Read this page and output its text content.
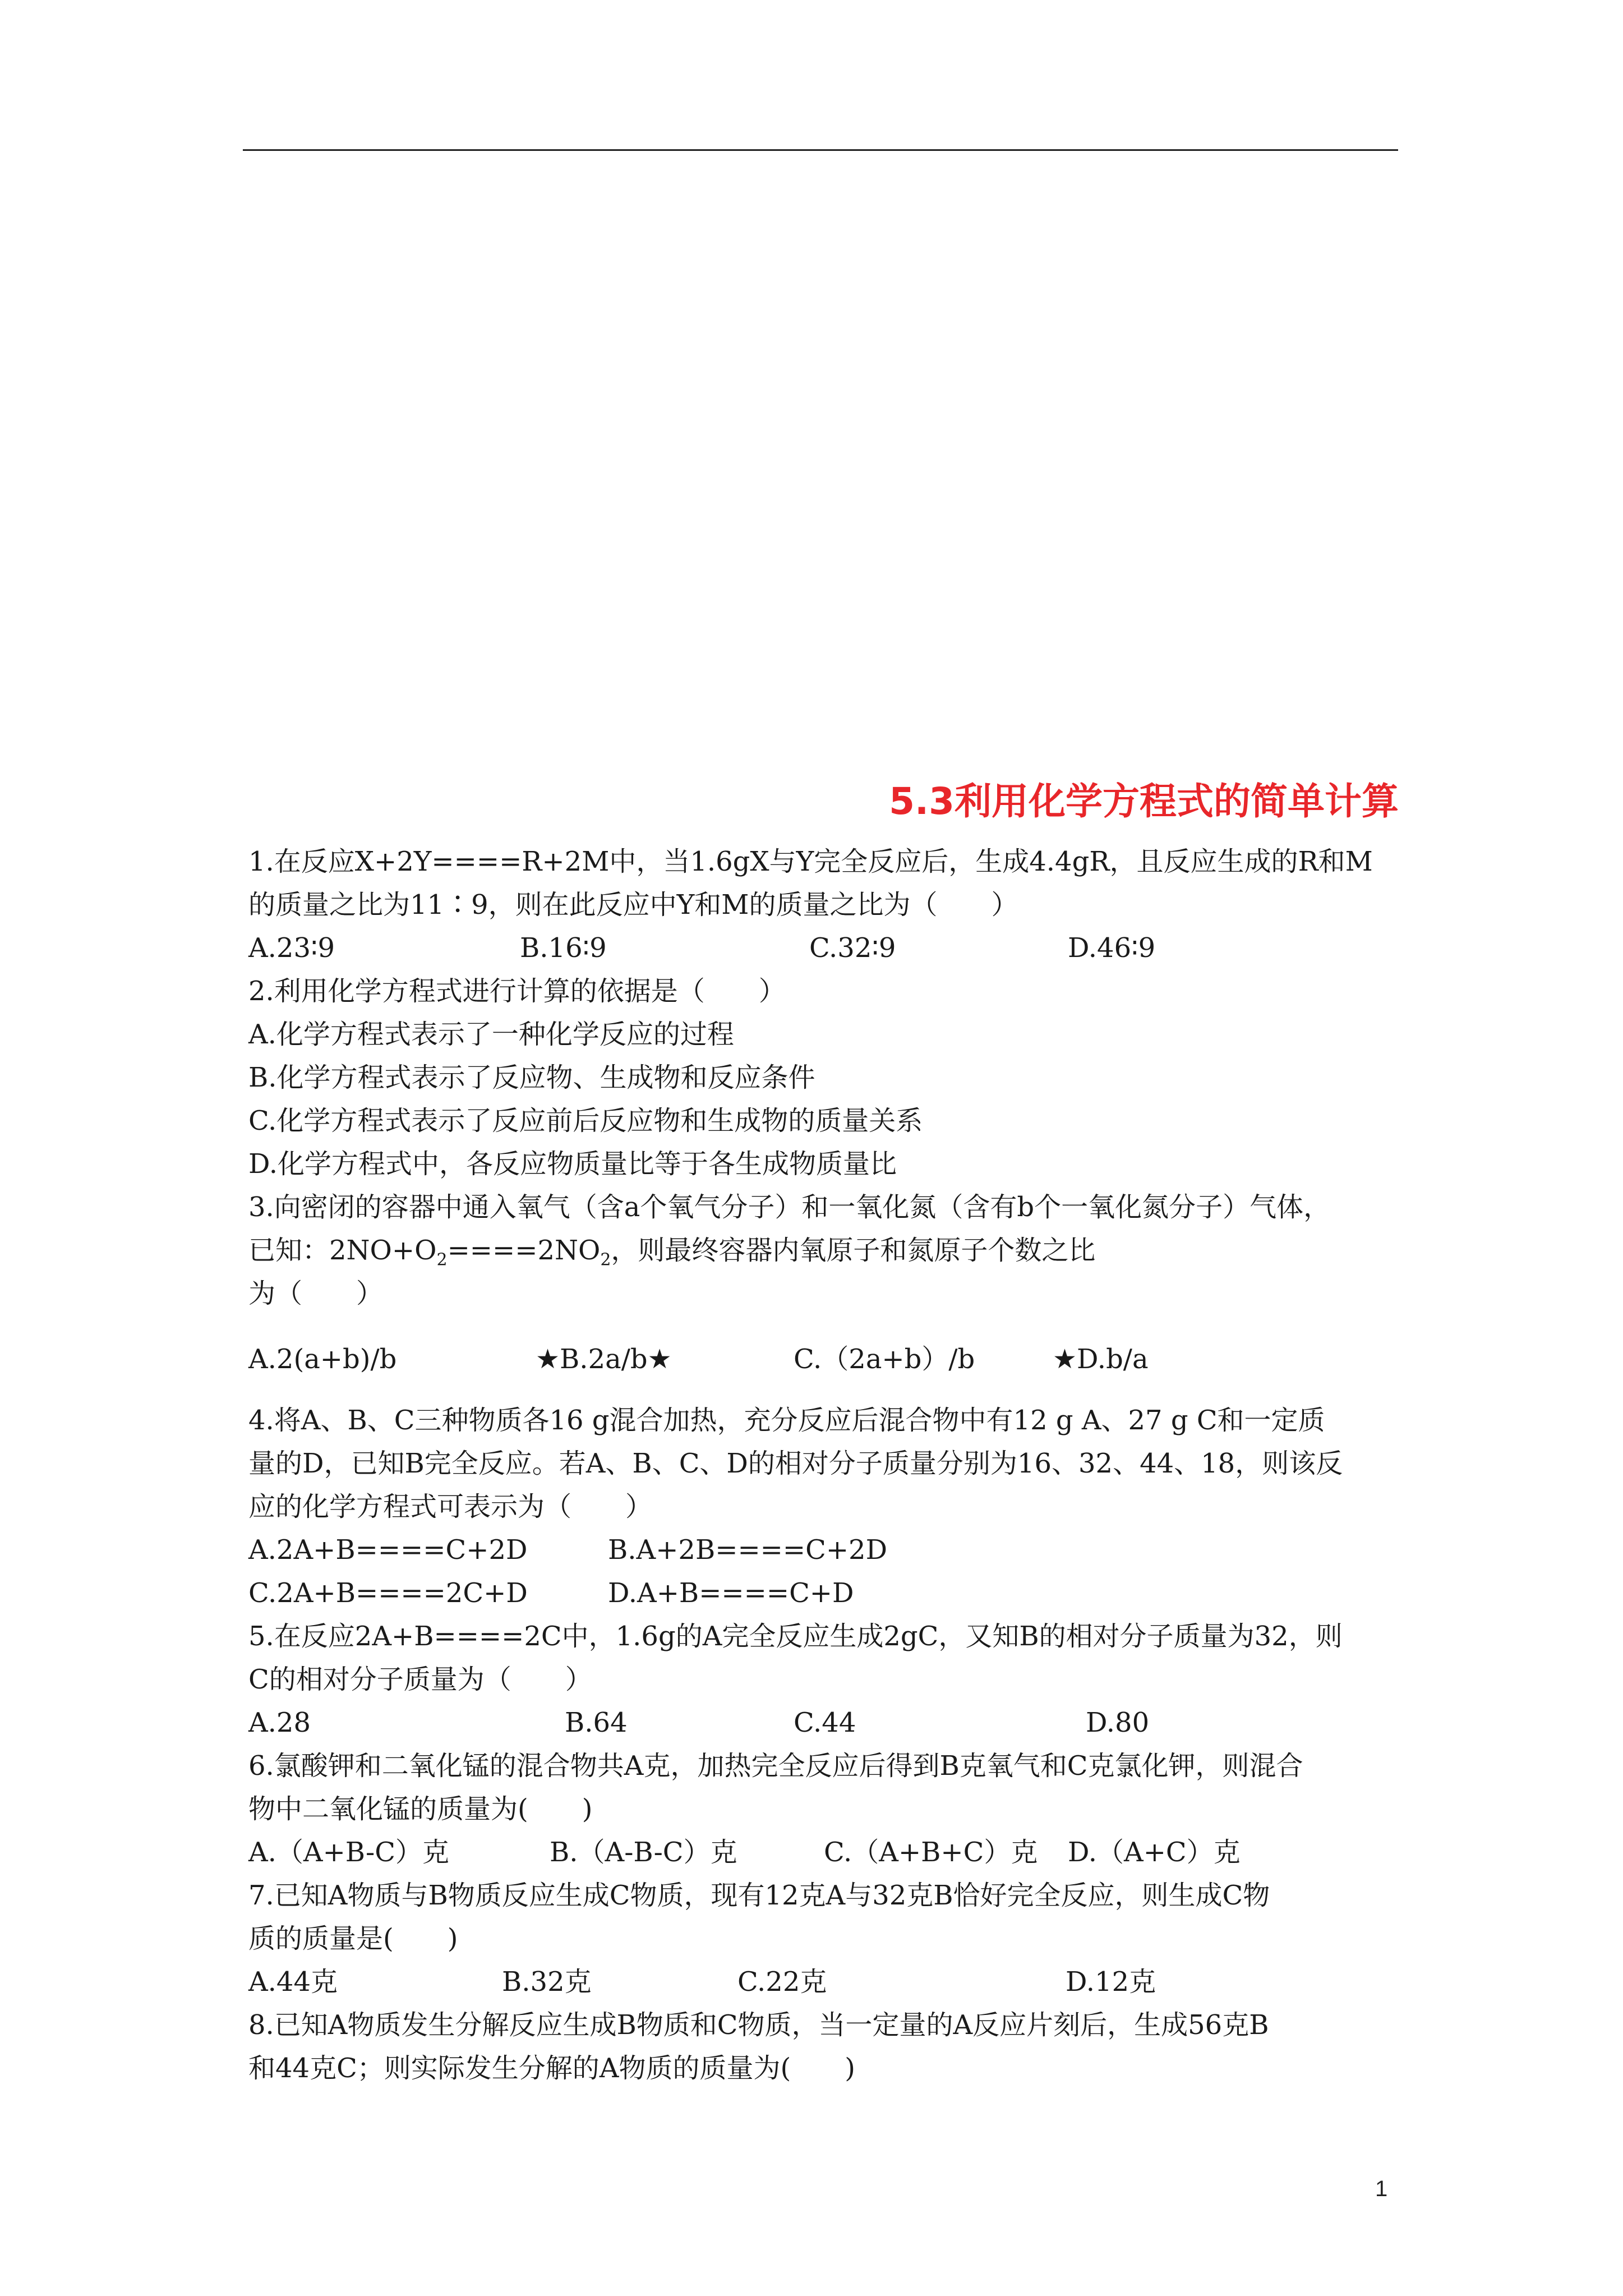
5.3利用化学方程式的简单计算
1.在反应X+2Y====R+2M中，当1.6gX与Y完全反应后，生成4.4gR，且反应生成的R和M
的质量之比为11∶9，则在此反应中Y和M的质量之比为（　　）
A.23∶9	B.16∶9	C.32∶9	D.46∶9
2.利用化学方程式进行计算的依据是（　　）
A.化学方程式表示了一种化学反应的过程
B.化学方程式表示了反应物、生成物和反应条件
C.化学方程式表示了反应前后反应物和生成物的质量关系
D.化学方程式中，各反应物质量比等于各生成物质量比
3.向密闭的容器中通入氧气（含a个氧气分子）和一氧化氮（含有b个一氧化氮分子）气体，
已知：$2NO+O_2====2NO_2$，则最终容器内氧原子和氮原子个数之比
为（　　）
A.2(a+b)/b	★B.2a/b★	C.（2a+b）/b	★D.b/a
4.将A、B、C三种物质各16 g混合加热，充分反应后混合物中有12 g A、27 g C和一定质
量的D，已知B完全反应。若A、B、C、D的相对分子质量分别为16、32、44、18，则该反
应的化学方程式可表示为（　　）
A.2A+B====C+2D	B.A+2B====C+2D
C.2A+B====2C+D	D.A+B====C+D
5.在反应2A+B====2C中，1.6g的A完全反应生成2gC，又知B的相对分子质量为32，则
C的相对分子质量为（　　）
A.28	B.64	C.44	D.80
6.氯酸钾和二氧化锰的混合物共A克，加热完全反应后得到B克氧气和C克氯化钾，则混合
物中二氧化锰的质量为(　　)
A.（A+B-C）克	B.（A-B-C）克	C.（A+B+C）克 D.（A+C）克
7.已知A物质与B物质反应生成C物质，现有12克A与32克B恰好完全反应，则生成C物
质的质量是(　　)
A.44克	B.32克	C.22克	D.12克
8.已知A物质发生分解反应生成B物质和C物质，当一定量的A反应片刻后，生成56克B
和44克C；则实际发生分解的A物质的质量为(　　)
1
